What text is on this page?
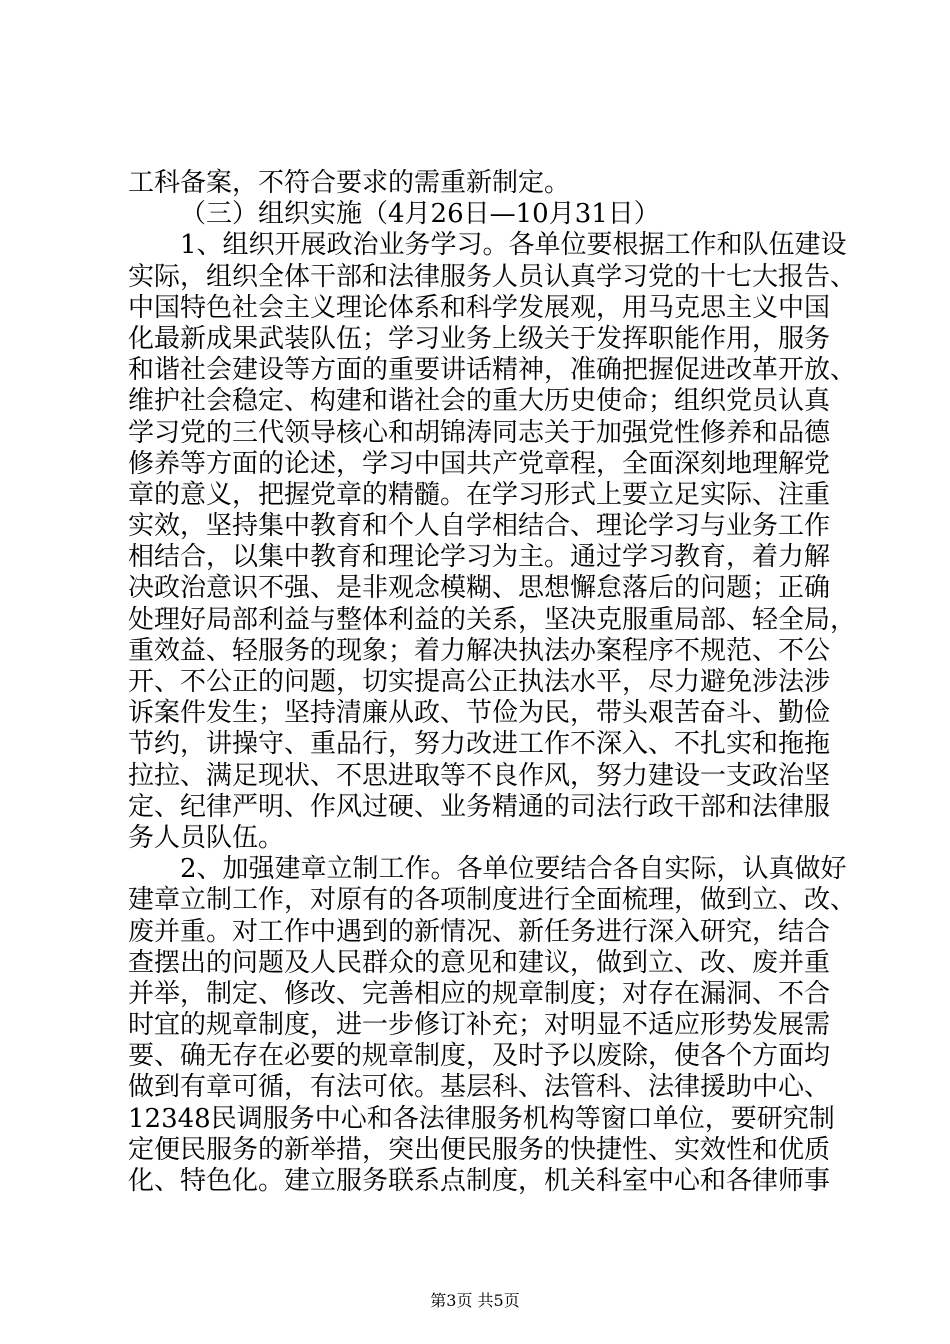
工科备案，不符合要求的需重新制定。
（三）组织实施（4月26日—10月31日）
1、组织开展政治业务学习。各单位要根据工作和队伍建设
实际，组织全体干部和法律服务人员认真学习党的十七大报告、
中国特色社会主义理论体系和科学发展观，用马克思主义中国
化最新成果武装队伍；学习业务上级关于发挥职能作用，服务
和谐社会建设等方面的重要讲话精神，准确把握促进改革开放、
维护社会稳定、构建和谐社会的重大历史使命；组织党员认真
学习党的三代领导核心和胡锦涛同志关于加强党性修养和品德
修养等方面的论述，学习中国共产党章程，全面深刻地理解党
章的意义，把握党章的精髓。在学习形式上要立足实际、注重
实效，坚持集中教育和个人自学相结合、理论学习与业务工作
相结合，以集中教育和理论学习为主。通过学习教育，着力解
决政治意识不强、是非观念模糊、思想懈怠落后的问题；正确
处理好局部利益与整体利益的关系，坚决克服重局部、轻全局，
重效益、轻服务的现象；着力解决执法办案程序不规范、不公
开、不公正的问题，切实提高公正执法水平，尽力避免涉法涉
诉案件发生；坚持清廉从政、节俭为民，带头艰苦奋斗、勤俭
节约，讲操守、重品行，努力改进工作不深入、不扎实和拖拖
拉拉、满足现状、不思进取等不良作风，努力建设一支政治坚
定、纪律严明、作风过硬、业务精通的司法行政干部和法律服
务人员队伍。
2、加强建章立制工作。各单位要结合各自实际，认真做好
建章立制工作，对原有的各项制度进行全面梳理，做到立、改、
废并重。对工作中遇到的新情况、新任务进行深入研究，结合
查摆出的问题及人民群众的意见和建议，做到立、改、废并重
并举，制定、修改、完善相应的规章制度；对存在漏洞、不合
时宜的规章制度，进一步修订补充；对明显不适应形势发展需
要、确无存在必要的规章制度，及时予以废除，使各个方面均
做到有章可循，有法可依。基层科、法管科、法律援助中心、
12348民调服务中心和各法律服务机构等窗口单位，要研究制
定便民服务的新举措，突出便民服务的快捷性、实效性和优质
化、特色化。建立服务联系点制度，机关科室中心和各律师事
第3页 共5页
